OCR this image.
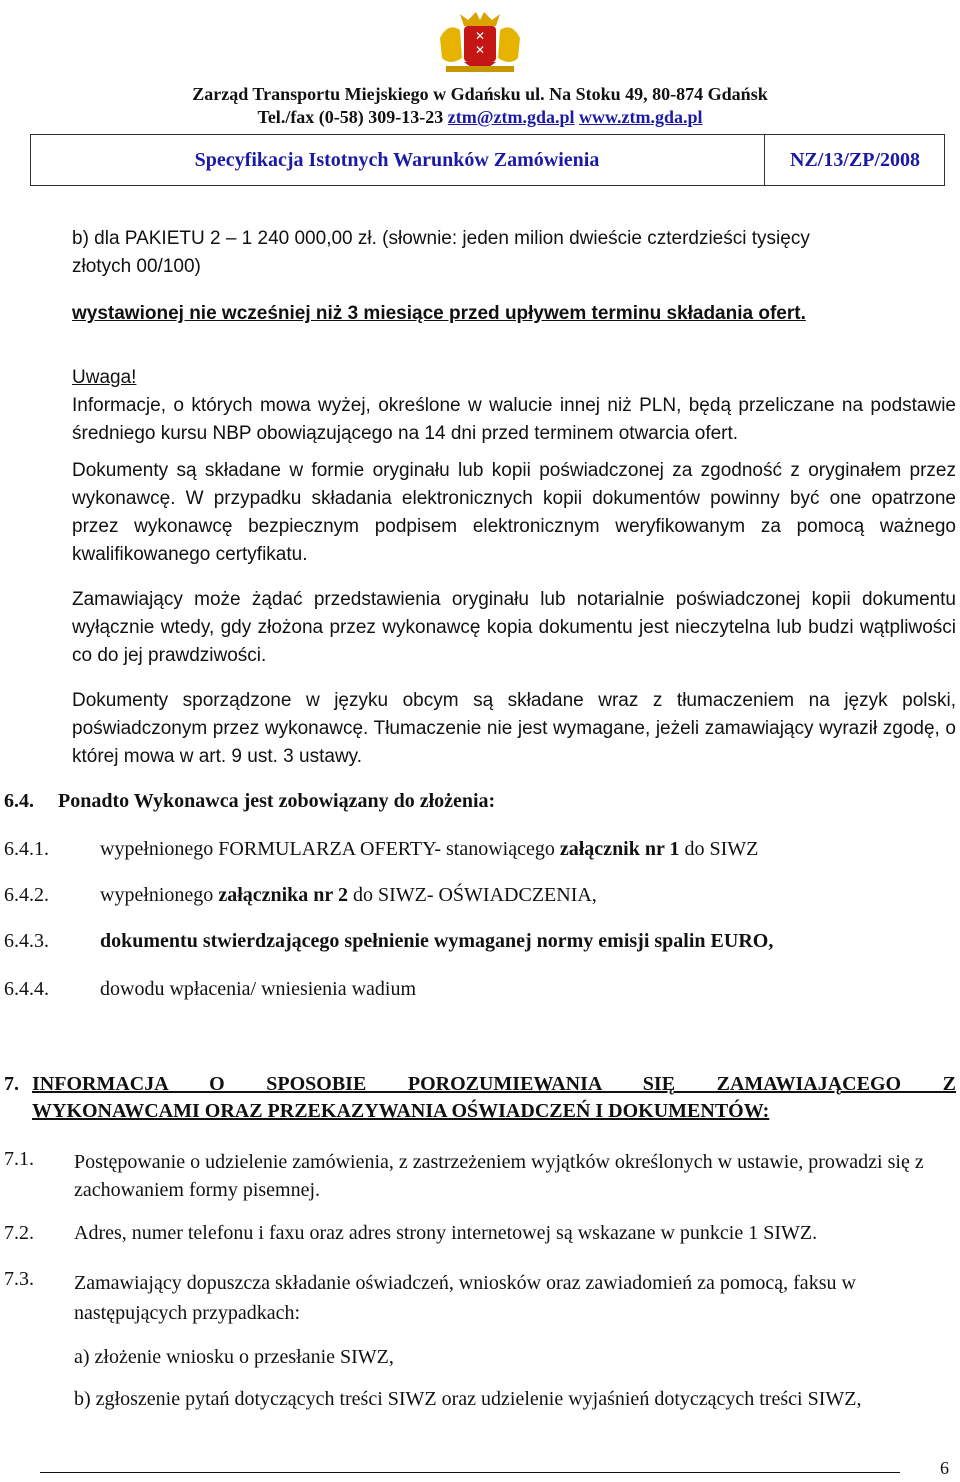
✕
✕
Zarząd Transportu Miejskiego w Gdańsku ul. Na Stoku 49, 80-874 Gdańsk
Tel./fax (0-58) 309-13-23 ztm@ztm.gda.pl www.ztm.gda.pl
Specyfikacja Istotnych Warunków Zamówienia	NZ/13/ZP/2008
b) dla PAKIETU 2 – 1 240 000,00 zł. (słownie: jeden milion dwieście czterdzieści tysięcy
złotych 00/100)
wystawionej nie wcześniej niż 3 miesiące przed upływem terminu składania ofert.
Uwaga!
Informacje, o których mowa wyżej, określone w walucie innej niż PLN, będą przeliczane na podstawie średniego kursu NBP obowiązującego na 14 dni przed terminem otwarcia ofert.
Dokumenty są składane w formie oryginału lub kopii poświadczonej za zgodność z oryginałem przez wykonawcę. W przypadku składania elektronicznych kopii dokumentów powinny być one opatrzone przez wykonawcę bezpiecznym podpisem elektronicznym weryfikowanym za pomocą ważnego kwalifikowanego certyfikatu.
Zamawiający może żądać przedstawienia oryginału lub notarialnie poświadczonej kopii dokumentu wyłącznie wtedy, gdy złożona przez wykonawcę kopia dokumentu jest nieczytelna lub budzi wątpliwości co do jej prawdziwości.
Dokumenty sporządzone w języku obcym są składane wraz z tłumaczeniem na język polski, poświadczonym przez wykonawcę. Tłumaczenie nie jest wymagane, jeżeli zamawiający wyraził zgodę, o której mowa w art. 9 ust. 3 ustawy.
6.4. Ponadto Wykonawca jest zobowiązany do złożenia:
6.4.1.	wypełnionego FORMULARZA OFERTY- stanowiącego załącznik nr 1 do SIWZ
6.4.2.	wypełnionego załącznika nr 2 do SIWZ- OŚWIADCZENIA,
6.4.3.	dokumentu stwierdzającego spełnienie wymaganej normy emisji spalin EURO,
6.4.4.	dowodu wpłacenia/ wniesienia wadium
7. INFORMACJA O SPOSOBIE POROZUMIEWANIA SIĘ ZAMAWIAJĄCEGO Z
WYKONAWCAMI ORAZ PRZEKAZYWANIA OŚWIADCZEŃ I DOKUMENTÓW:
7.1. Postępowanie o udzielenie zamówienia, z zastrzeżeniem wyjątków określonych w ustawie, prowadzi się z zachowaniem formy pisemnej.
7.2. Adres, numer telefonu i faxu oraz adres strony internetowej są wskazane w punkcie 1 SIWZ.
7.3. Zamawiający dopuszcza składanie oświadczeń, wniosków oraz zawiadomień za pomocą, faksu w następujących przypadkach:
a) złożenie wniosku o przesłanie SIWZ,
b) zgłoszenie pytań dotyczących treści SIWZ oraz udzielenie wyjaśnień dotyczących treści SIWZ,
6
